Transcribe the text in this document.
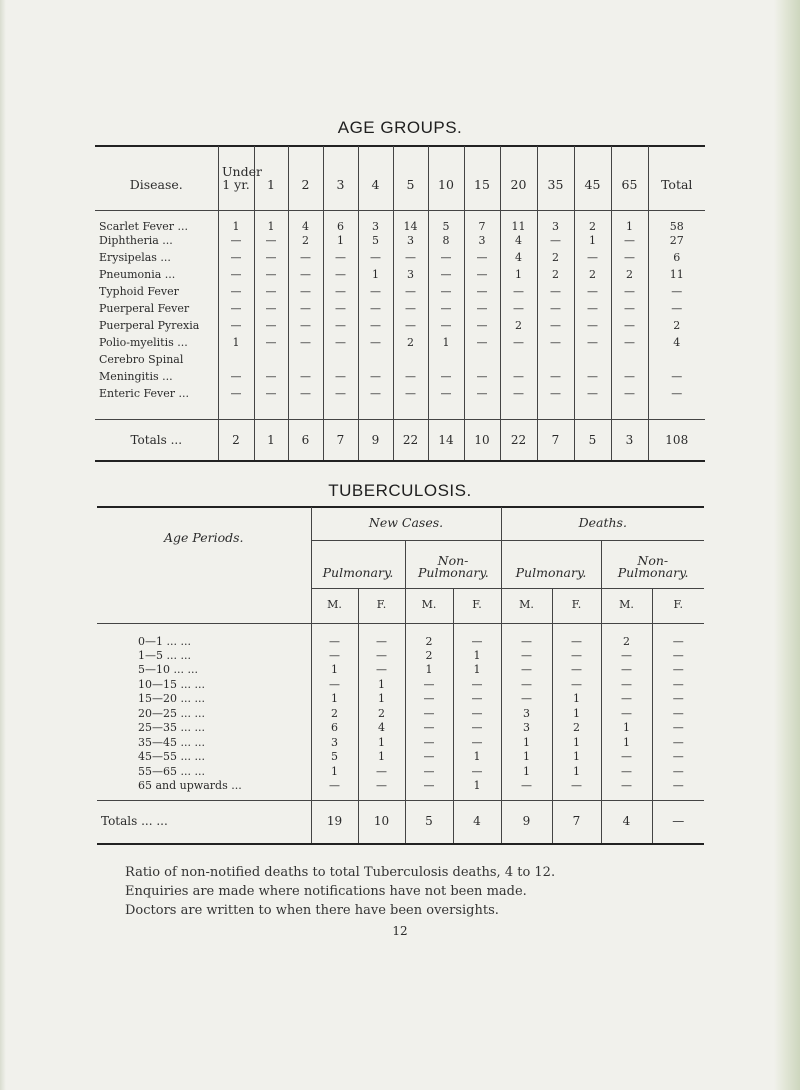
AGE GROUPS.
Disease.	Under 1 yr.	1	2	3	4	5	10	15	20	35	45	65	Total
Scarlet Fever ...	1	1	4	6	3	14	5	7	11	3	2	1	58
Diphtheria ...	—	—	2	1	5	3	8	3	4	—	1	—	27
Erysipelas ...	—	—	—	—	—	—	—	—	4	2	—	—	6
Pneumonia ...	—	—	—	—	1	3	—	—	1	2	2	2	11
Typhoid Fever	—	—	—	—	—	—	—	—	—	—	—	—	—
Puerperal Fever	—	—	—	—	—	—	—	—	—	—	—	—	—
Puerperal Pyrexia	—	—	—	—	—	—	—	—	2	—	—	—	2
Polio-myelitis ...	1	—	—	—	—	2	1	—	—	—	—	—	4
Cerebro Spinal													
Meningitis ...	—	—	—	—	—	—	—	—	—	—	—	—	—
Enteric Fever ...	—	—	—	—	—	—	—	—	—	—	—	—	—

Totals ...	2	1	6	7	9	22	14	10	22	7	5	3	108
TUBERCULOSIS.
Age Periods.	New Cases.				Deaths.			
	Pulmonary.		Non-Pulmonary.		Pulmonary.		Non-Pulmonary.	
	M.	F.	M.	F.	M.	F.	M.	F.
0—1 ... ...	—	—	2	—	—	—	2	—
1—5 ... ...	—	—	2	1	—	—	—	—
5—10 ... ...	1	—	1	1	—	—	—	—
10—15 ... ...	—	1	—	—	—	—	—	—
15—20 ... ...	1	1	—	—	—	1	—	—
20—25 ... ...	2	2	—	—	3	1	—	—
25—35 ... ...	6	4	—	—	3	2	1	—
35—45 ... ...	3	1	—	—	1	1	1	—
45—55 ... ...	5	1	—	1	1	1	—	—
55—65 ... ...	1	—	—	—	1	1	—	—
65 and upwards ...	—	—	—	1	—	—	—	—

Totals ... ...	19	10	5	4	9	7	4	—
Ratio of non-notified deaths to total Tuberculosis deaths, 4 to 12.
Enquiries are made where notifications have not been made.
Doctors are written to when there have been oversights.
12
